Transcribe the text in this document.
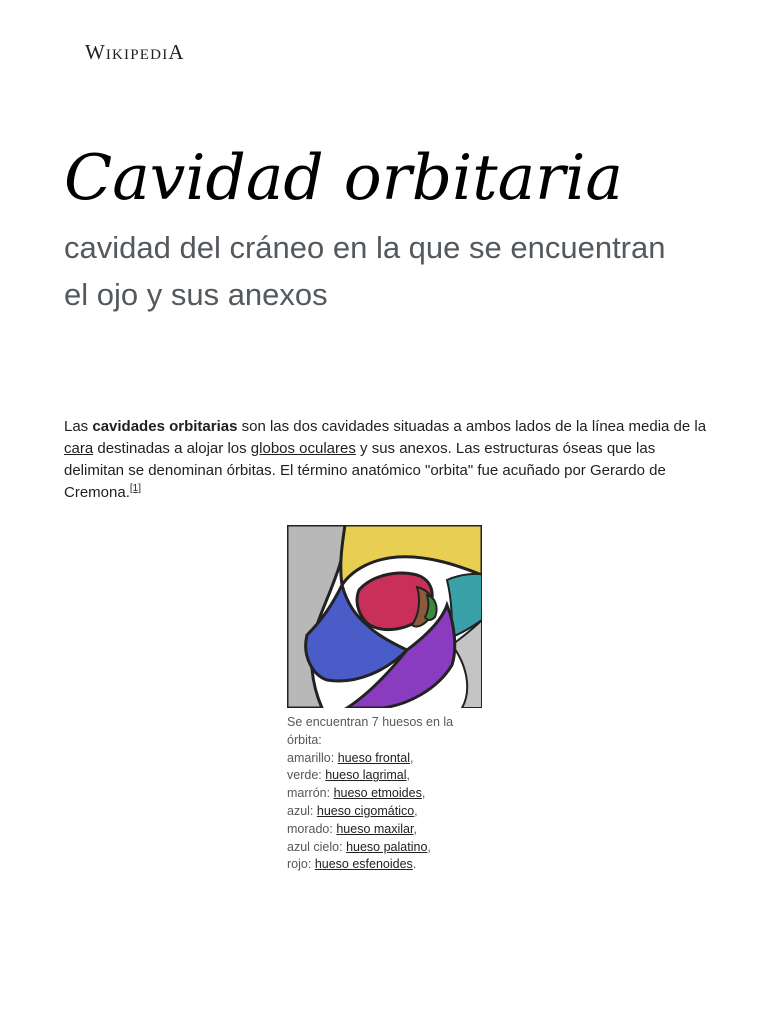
WIKIPEDIA
Cavidad orbitaria
cavidad del cráneo en la que se encuentran el ojo y sus anexos

Las cavidades orbitarias son las dos cavidades situadas a ambos lados de la línea media de la cara destinadas a alojar los globos oculares y sus anexos. Las estructuras óseas que las delimitan se denominan órbitas. El término anatómico "orbita" fue acuñado por Gerardo de Cremona.[1]

Se encuentran 7 huesos en la órbita:
amarillo: hueso frontal,
verde: hueso lagrimal,
marrón: hueso etmoides,
azul: hueso cigomático,
morado: hueso maxilar,
azul cielo: hueso palatino,
rojo: hueso esfenoides.
